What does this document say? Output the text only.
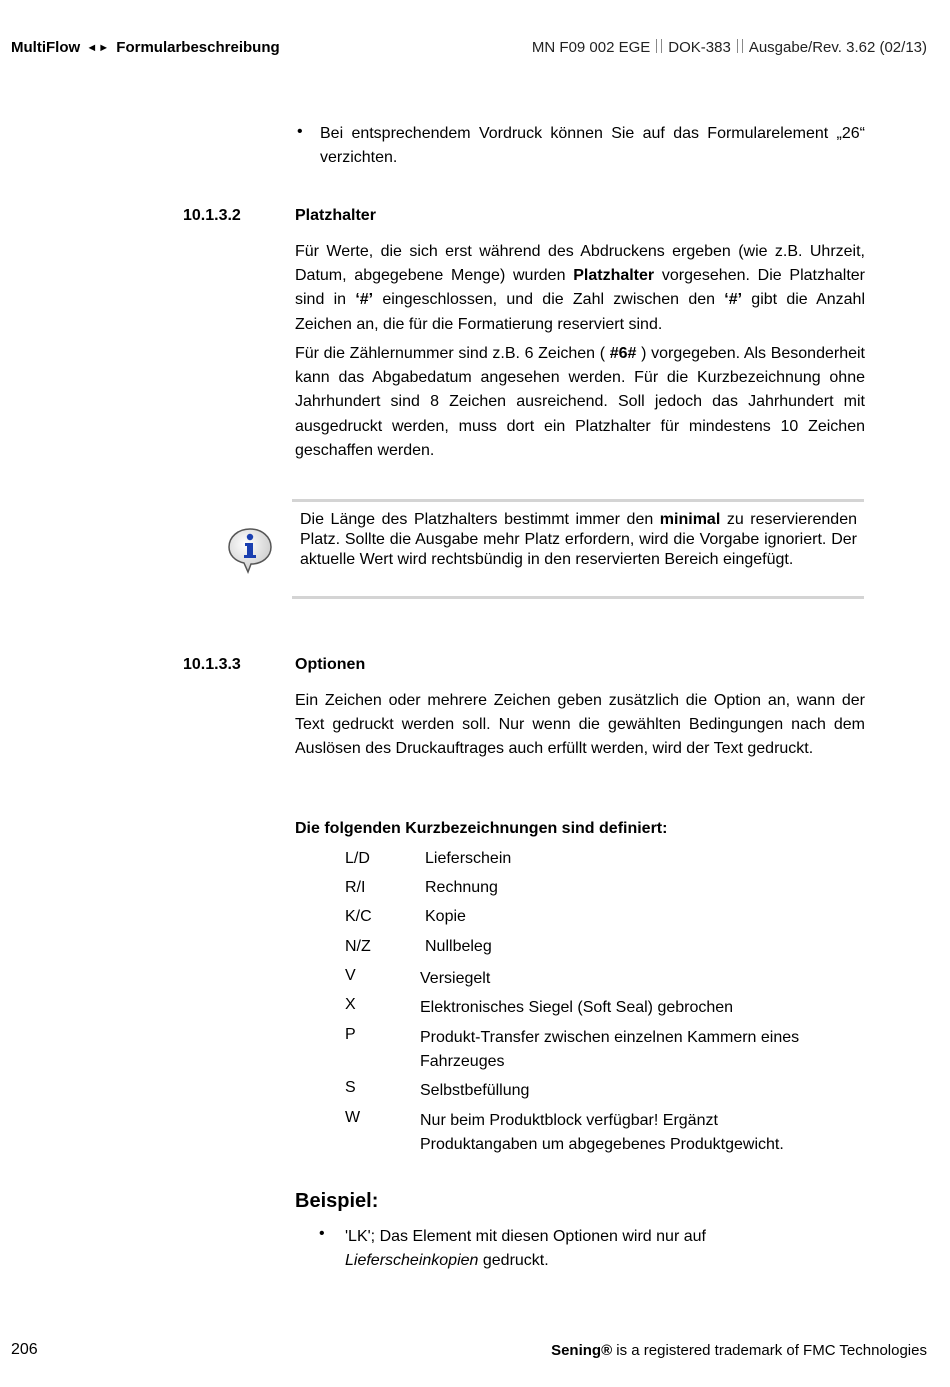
MultiFlow ◄► Formularbeschreibung	MN F09 002 EGE DOK-383 Ausgabe/Rev. 3.62 (02/13)
• Bei entsprechendem Vordruck können Sie auf das Formularelement „26“ verzichten.

10.1.3.2	Platzhalter

Für Werte, die sich erst während des Abdruckens ergeben (wie z.B. Uhrzeit, Datum, abgegebene Menge) wurden Platzhalter vorgesehen. Die Platzhalter sind in ‘#’ eingeschlossen, und die Zahl zwischen den ‘#’ gibt die Anzahl Zeichen an, die für die Formatierung reserviert sind.

Für die Zählernummer sind z.B. 6 Zeichen ( #6# ) vorgegeben. Als Besonderheit kann das Abgabedatum angesehen werden. Für die Kurzbezeichnung ohne Jahrhundert sind 8 Zeichen ausreichend. Soll jedoch das Jahrhundert mit ausgedruckt werden, muss dort ein Platzhalter für mindestens 10 Zeichen geschaffen werden.

Die Länge des Platzhalters bestimmt immer den minimal zu reservierenden Platz. Sollte die Ausgabe mehr Platz erfordern, wird die Vorgabe ignoriert. Der aktuelle Wert wird rechtsbündig in den reservierten Bereich eingefügt.

10.1.3.3	Optionen

Ein Zeichen oder mehrere Zeichen geben zusätzlich die Option an, wann der Text gedruckt werden soll. Nur wenn die gewählten Bedingungen nach dem Auslösen des Druckauftrages auch erfüllt werden, wird der Text gedruckt.

Die folgenden Kurzbezeichnungen sind definiert:
L/D	Lieferschein
R/I	Rechnung
K/C	Kopie
N/Z	Nullbeleg
V	Versiegelt
X	Elektronisches Siegel (Soft Seal) gebrochen
P	Produkt-Transfer zwischen einzelnen Kammern eines Fahrzeuges
S	Selbstbefüllung
W	Nur beim Produktblock verfügbar! Ergänzt Produktangaben um abgegebenes Produktgewicht.
Beispiel:
• 'LK'; Das Element mit diesen Optionen wird nur auf Lieferscheinkopien gedruckt.

206	Sening® is a registered trademark of FMC Technologies
